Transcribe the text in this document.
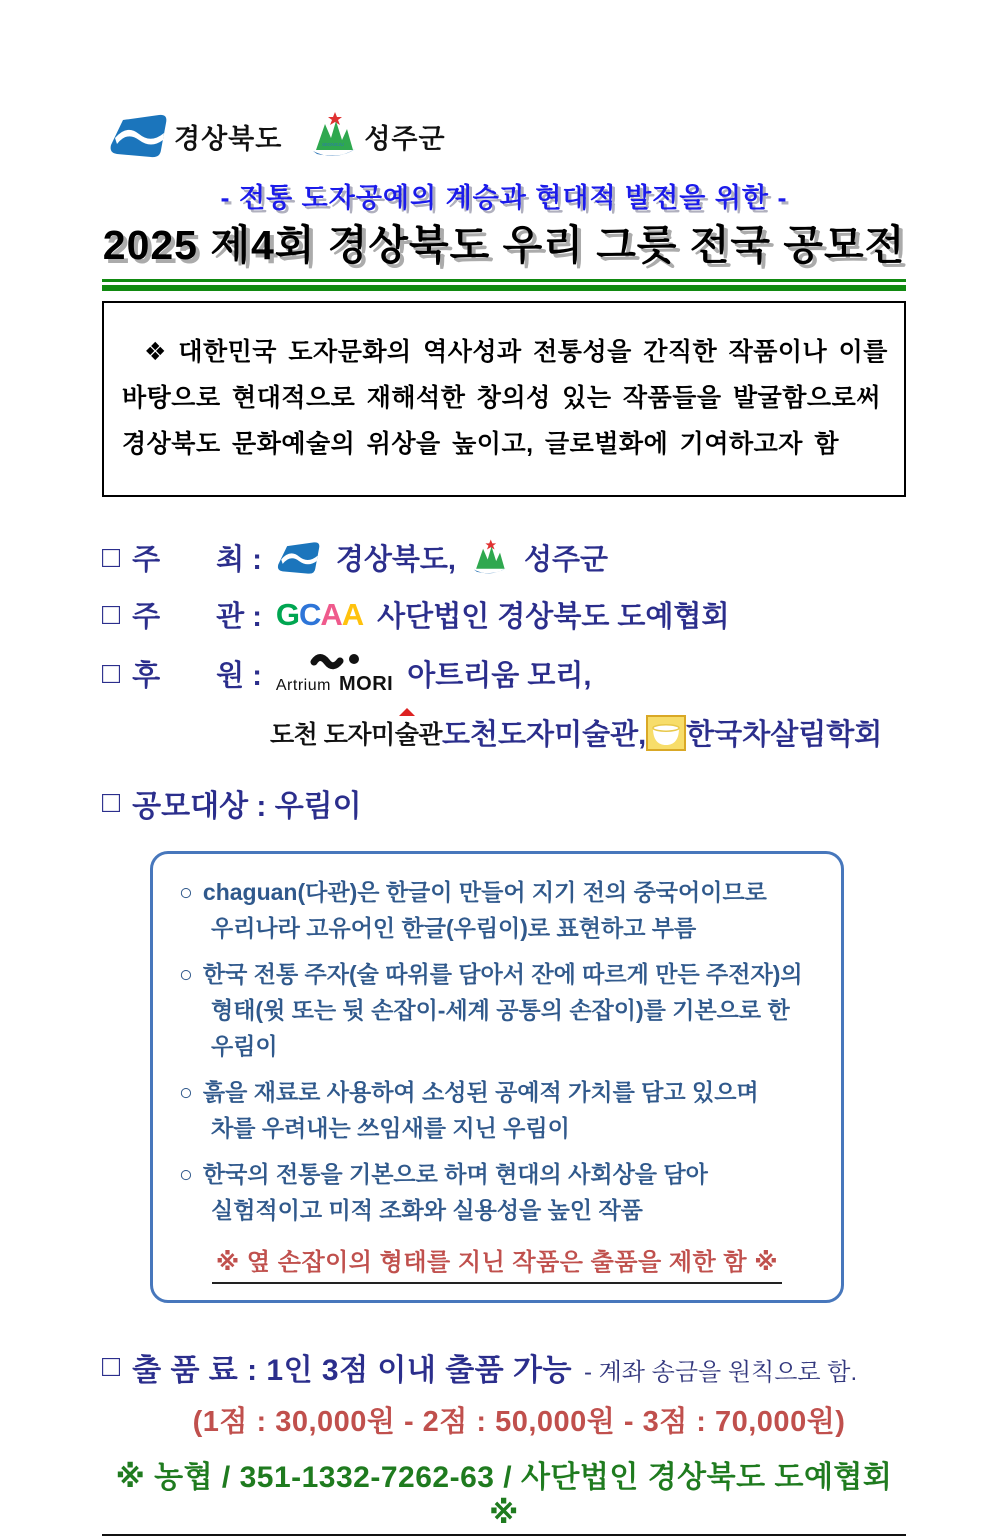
경상북도	SEONGJU 성주군
- 전통 도자공예의 계승과 현대적 발전을 위한 -
2025 제4회 경상북도 우리 그릇 전국 공모전

❖ 대한민국 도자문화의 역사성과 전통성을 간직한 작품이나 이를

바탕으로 현대적으로 재해석한 창의성 있는 작품들을 발굴함으로써

경상북도 문화예술의 위상을 높이고, 글로벌화에 기여하고자 함

□ 주 최 :	경상북도, 성주군
□ 주 관 : G C A A 사단법인 경상북도 도예협회
□ 후 원 : Artrium MORI 아트리움 모리,
도천 도자미 술 관 도천도자미술관, 한국차살림학회
□ 공모대상 : 우림이
○ chaguan(다관)은 한글이 만들어 지기 전의 중국어이므로
우리나라 고유어인 한글(우림이)로 표현하고 부름
○ 한국 전통 주자(술 따위를 담아서 잔에 따르게 만든 주전자)의
형태(윗 또는 뒷 손잡이-세계 공통의 손잡이)를 기본으로 한 우림이
○ 흙을 재료로 사용하여 소성된 공예적 가치를 담고 있으며
차를 우려내는 쓰임새를 지닌 우림이
○ 한국의 전통을 기본으로 하며 현대의 사회상을 담아
실험적이고 미적 조화와 실용성을 높인 작품
※ 옆 손잡이의 형태를 지닌 작품은 출품을 제한 함 ※
□ 출 품 료 : 1인 3점 이내 출품 가능 - 계좌 송금을 원칙으로 함.
(1점 : 30,000원 - 2점 : 50,000원 - 3점 : 70,000원)
※ 농협 / 351-1332-7262-63 / 사단법인 경상북도 도예협회 ※
